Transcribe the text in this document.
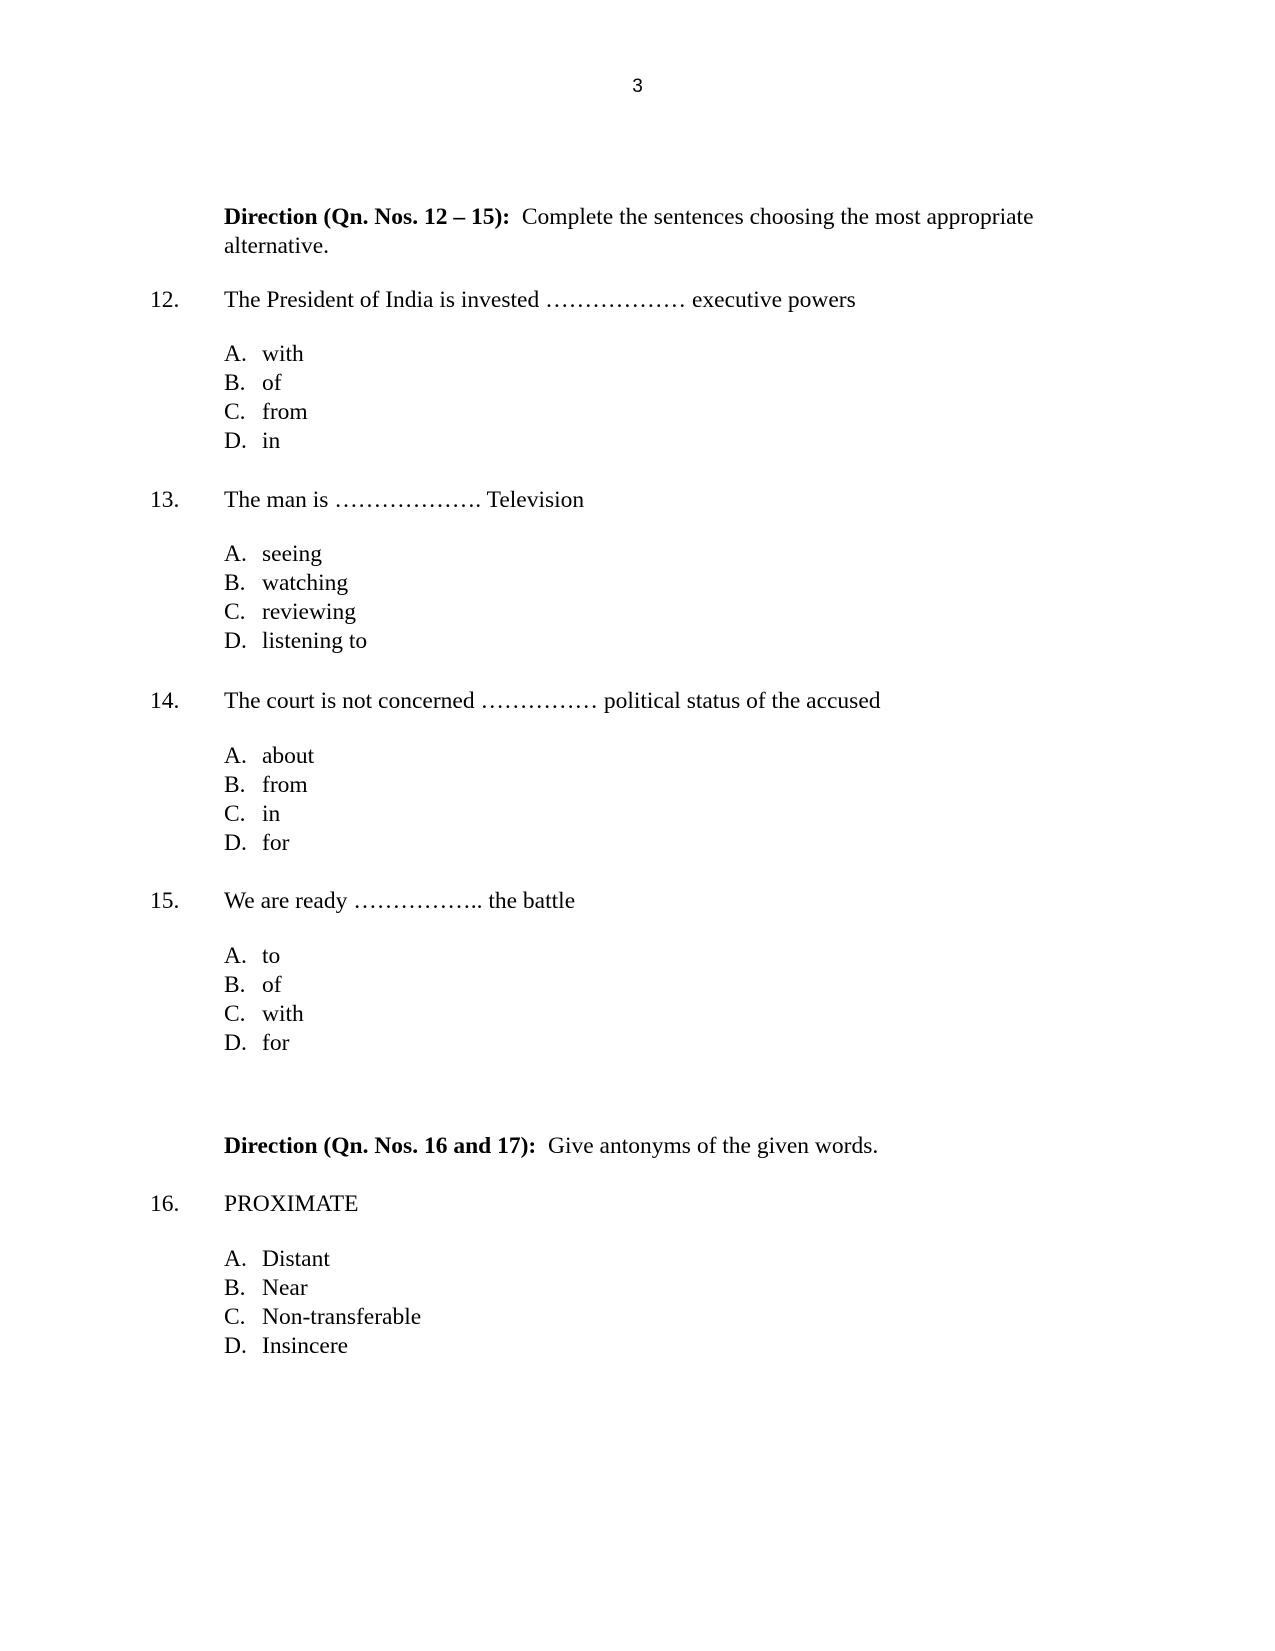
3
Direction (Qn. Nos. 12 – 15): Complete the sentences choosing the most appropriate alternative.
12. The President of India is invested ……………… executive powers
A. with
B. of
C. from
D. in
13. The man is ………………. Television
A. seeing
B. watching
C. reviewing
D. listening to
14. The court is not concerned …………… political status of the accused
A. about
B. from
C. in
D. for
15. We are ready …………….. the battle
A. to
B. of
C. with
D. for
Direction (Qn. Nos. 16 and 17): Give antonyms of the given words.
16. PROXIMATE
A. Distant
B. Near
C. Non-transferable
D. Insincere
